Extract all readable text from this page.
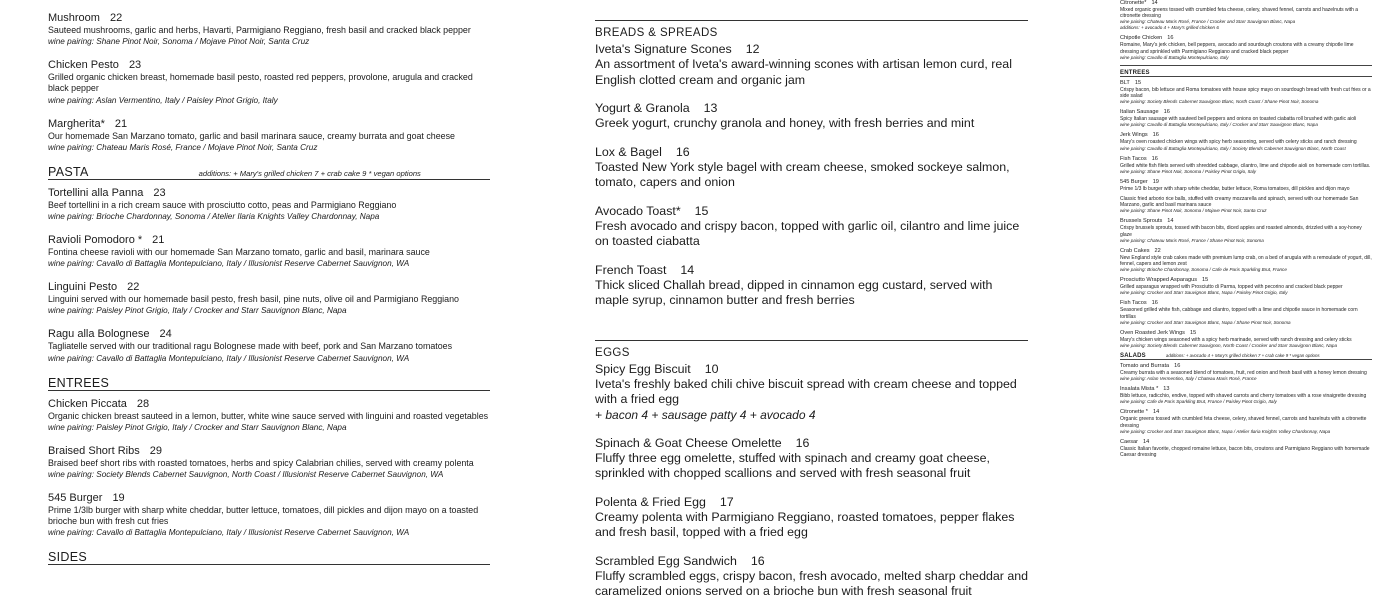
Mushroom 22
Sauteed mushrooms, garlic and herbs, Havarti, Parmigiano Reggiano, fresh basil and cracked black pepper
wine pairing: Shane Pinot Noir, Sonoma / Mojave Pinot Noir, Santa Cruz
Chicken Pesto 23
Grilled organic chicken breast, homemade basil pesto, roasted red peppers, provolone, arugula and cracked black pepper
wine pairing: Aslan Vermentino, Italy / Paisley Pinot Grigio, Italy
Margherita* 21
Our homemade San Marzano tomato, garlic and basil marinara sauce, creamy burrata and goat cheese
wine pairing: Chateau Maris Rosé, France / Mojave Pinot Noir, Santa Cruz
PASTA	additions: + Mary's grilled chicken 7 + crab cake 9 * vegan options
Tortellini alla Panna 23
Beef tortellini in a rich cream sauce with prosciutto cotto, peas and Parmigiano Reggiano
wine pairing: Brioche Chardonnay, Sonoma / Atelier Ilaria Knights Valley Chardonnay, Napa
Ravioli Pomodoro * 21
Fontina cheese ravioli with our homemade San Marzano tomato, garlic and basil, marinara sauce
wine pairing: Cavallo di Battaglia Montepulciano, Italy / Illusionist Reserve Cabernet Sauvignon, WA
Linguini Pesto 22
Linguini served with our homemade basil pesto, fresh basil, pine nuts, olive oil and Parmigiano Reggiano
wine pairing: Paisley Pinot Grigio, Italy / Crocker and Starr Sauvignon Blanc, Napa
Ragu alla Bolognese 24
Tagliatelle served with our traditional ragu Bolognese made with beef, pork and San Marzano tomatoes
wine pairing: Cavallo di Battaglia Montepulciano, Italy / Illusionist Reserve Cabernet Sauvignon, WA
ENTREES
Chicken Piccata 28
Organic chicken breast sauteed in a lemon, butter, white wine sauce served with linguini and roasted vegetables
wine pairing: Paisley Pinot Grigio, Italy / Crocker and Starr Sauvignon Blanc, Napa
Braised Short Ribs 29
Braised beef short ribs with roasted tomatoes, herbs and spicy Calabrian chilies, served with creamy polenta
wine pairing: Society Blends Cabernet Sauvignon, North Coast / Illusionist Reserve Cabernet Sauvignon, WA
545 Burger 19
Prime 1/3lb burger with sharp white cheddar, butter lettuce, tomatoes, dill pickles and dijon mayo on a toasted brioche bun with fresh cut fries
wine pairing: Cavallo di Battaglia Montepulciano, Italy / Illusionist Reserve Cabernet Sauvignon, WA
SIDES
BREADS & SPREADS
Iveta's Signature Scones 12
An assortment of Iveta's award-winning scones with artisan lemon curd, real English clotted cream and organic jam
Yogurt & Granola 13
Greek yogurt, crunchy granola and honey, with fresh berries and mint
Lox & Bagel 16
Toasted New York style bagel with cream cheese, smoked sockeye salmon, tomato, capers and onion
Avocado Toast* 15
Fresh avocado and crispy bacon, topped with garlic oil, cilantro and lime juice on toasted ciabatta
French Toast 14
Thick sliced Challah bread, dipped in cinnamon egg custard, served with maple syrup, cinnamon butter and fresh berries
EGGS
Spicy Egg Biscuit 10
Iveta's freshly baked chili chive biscuit spread with cream cheese and topped with a fried egg
+ bacon 4 + sausage patty 4 + avocado 4
Spinach & Goat Cheese Omelette 16
Fluffy three egg omelette, stuffed with spinach and creamy goat cheese, sprinkled with chopped scallions and served with fresh seasonal fruit
Polenta & Fried Egg 17
Creamy polenta with Parmigiano Reggiano, roasted tomatoes, pepper flakes and fresh basil, topped with a fried egg
Scrambled Egg Sandwich 16
Fluffy scrambled eggs, crispy bacon, fresh avocado, melted sharp cheddar and caramelized onions served on a brioche bun with fresh seasonal fruit
Citronette* 14
Mixed organic greens tossed with crumbled feta cheese, celery, shaved fennel, carrots and hazelnuts with a citronette dressing
wine pairing: Chateau Maris Rosé, France / Crocker and Starr Sauvignon Blanc, Napa
additions: + avocado 4 + Mary's grilled chicken 6
Chipotle Chicken 16
Romaine, Mary's jerk chicken, bell peppers, avocado and sourdough croutons with a creamy chipotle lime dressing and sprinkled with Parmigiano Reggiano and cracked black pepper
wine pairing: Cavallo di Battaglia Montepulciano, Italy
ENTREES
BLT 15
Crispy bacon, bib lettuce and Roma tomatoes with house spicy mayo on sourdough bread with fresh cut fries or a side salad
wine pairing: Society Blends Cabernet Sauvignon Blanc, North Coast / Shane Pinot Noir, Sonoma
Italian Sausage 16
Spicy Italian sausage with sauteed bell peppers and onions on toasted ciabatta roll brushed with garlic aioli
wine pairing: Cavallo di Battaglia Montepulciano, Italy / Crocker and Starr Sauvignon Blanc, Napa
Jerk Wings 16
Mary's oven roasted chicken wings with spicy herb seasoning, served with celery sticks and ranch dressing
wine pairing: Cavallo di Battaglia Montepulciano, Italy / Society Blends Cabernet Sauvignon Blanc, North Coast
Fish Tacos 16
Grilled white fish filets served with shredded cabbage, cilantro, lime and chipotle aioli on homemade corn tortillas.
wine pairing: Shane Pinot Noir, Sonoma / Paisley Pinot Grigio, Italy
545 Burger 19
Prime 1/3 lb burger with sharp white cheddar, butter lettuce, Roma tomatoes, dill pickles and dijon mayo
Classic fried arborio rice balls, stuffed with creamy mozzarella and spinach, served with our homemade San Marzano, garlic and basil marinara sauce
wine pairing: Shane Pinot Noir, Sonoma / Mojave Pinot Noir, Santa Cruz
Brussels Sprouts 14
Crispy brussels sprouts, tossed with bacon bits, diced apples and roasted almonds, drizzled with a soy-honey glaze
wine pairing: Chateau Maris Rosé, France / Shane Pinot Noir, Sonoma
Crab Cakes 22
New England style crab cakes made with premium lump crab, on a bed of arugula with a remoulade of yogurt, dill, fennel, capers and lemon zest
wine pairing: Brioche Chardonnay, Sonoma / Cafe de Paris Sparkling Brut, France
Prosciutto Wrapped Asparagus 15
Grilled asparagus wrapped with Prosciutto di Parma, topped with pecorino and cracked black pepper
wine pairing: Crocker and Starr Sauvignon Blanc, Napa / Paisley Pinot Grigio, Italy
Fish Tacos 16
Seasoned grilled white fish, cabbage and cilantro, topped with a lime and chipotle sauce in homemade corn tortillas
wine pairing: Crocker and Starr Sauvignon Blanc, Napa / Shane Pinot Noir, Sonoma
Oven Roasted Jerk Wings 15
Mary's chicken wings seasoned with a spicy herb marinade, served with ranch dressing and celery sticks
wine pairing: Society Blends Cabernet Sauvignon, North Coast / Crocker and Starr Sauvignon Blanc, Napa
SALADS	additions: + avocado 4 + Mary's grilled chicken 7 + crab cake 9 * vegan options
Tomato and Burrata 16
Creamy burrata with a seasoned blend of tomatoes, fruit, red onion and fresh basil with a honey lemon dressing
wine pairing: Aslan Vermentino, Italy / Chateau Maris Rosé, France
Insalata Mista * 13
Bibb lettuce, radicchio, endive, topped with shaved carrots and cherry tomatoes with a rose vinaigrette dressing
wine pairing: Cafe de Paris Sparkling Brut, France / Paisley Pinot Grigio, Italy
Citronette * 14
Organic greens tossed with crumbled feta cheese, celery, shaved fennel, carrots and hazelnuts with a citronette dressing
wine pairing: Crocker and Starr Sauvignon Blanc, Napa / Atelier Ilaria Knights Valley Chardonnay, Napa
Caesar 14
Classic Italian favorite, chopped romaine lettuce, bacon bits, croutons and Parmigiano Reggiano with homemade Caesar dressing
